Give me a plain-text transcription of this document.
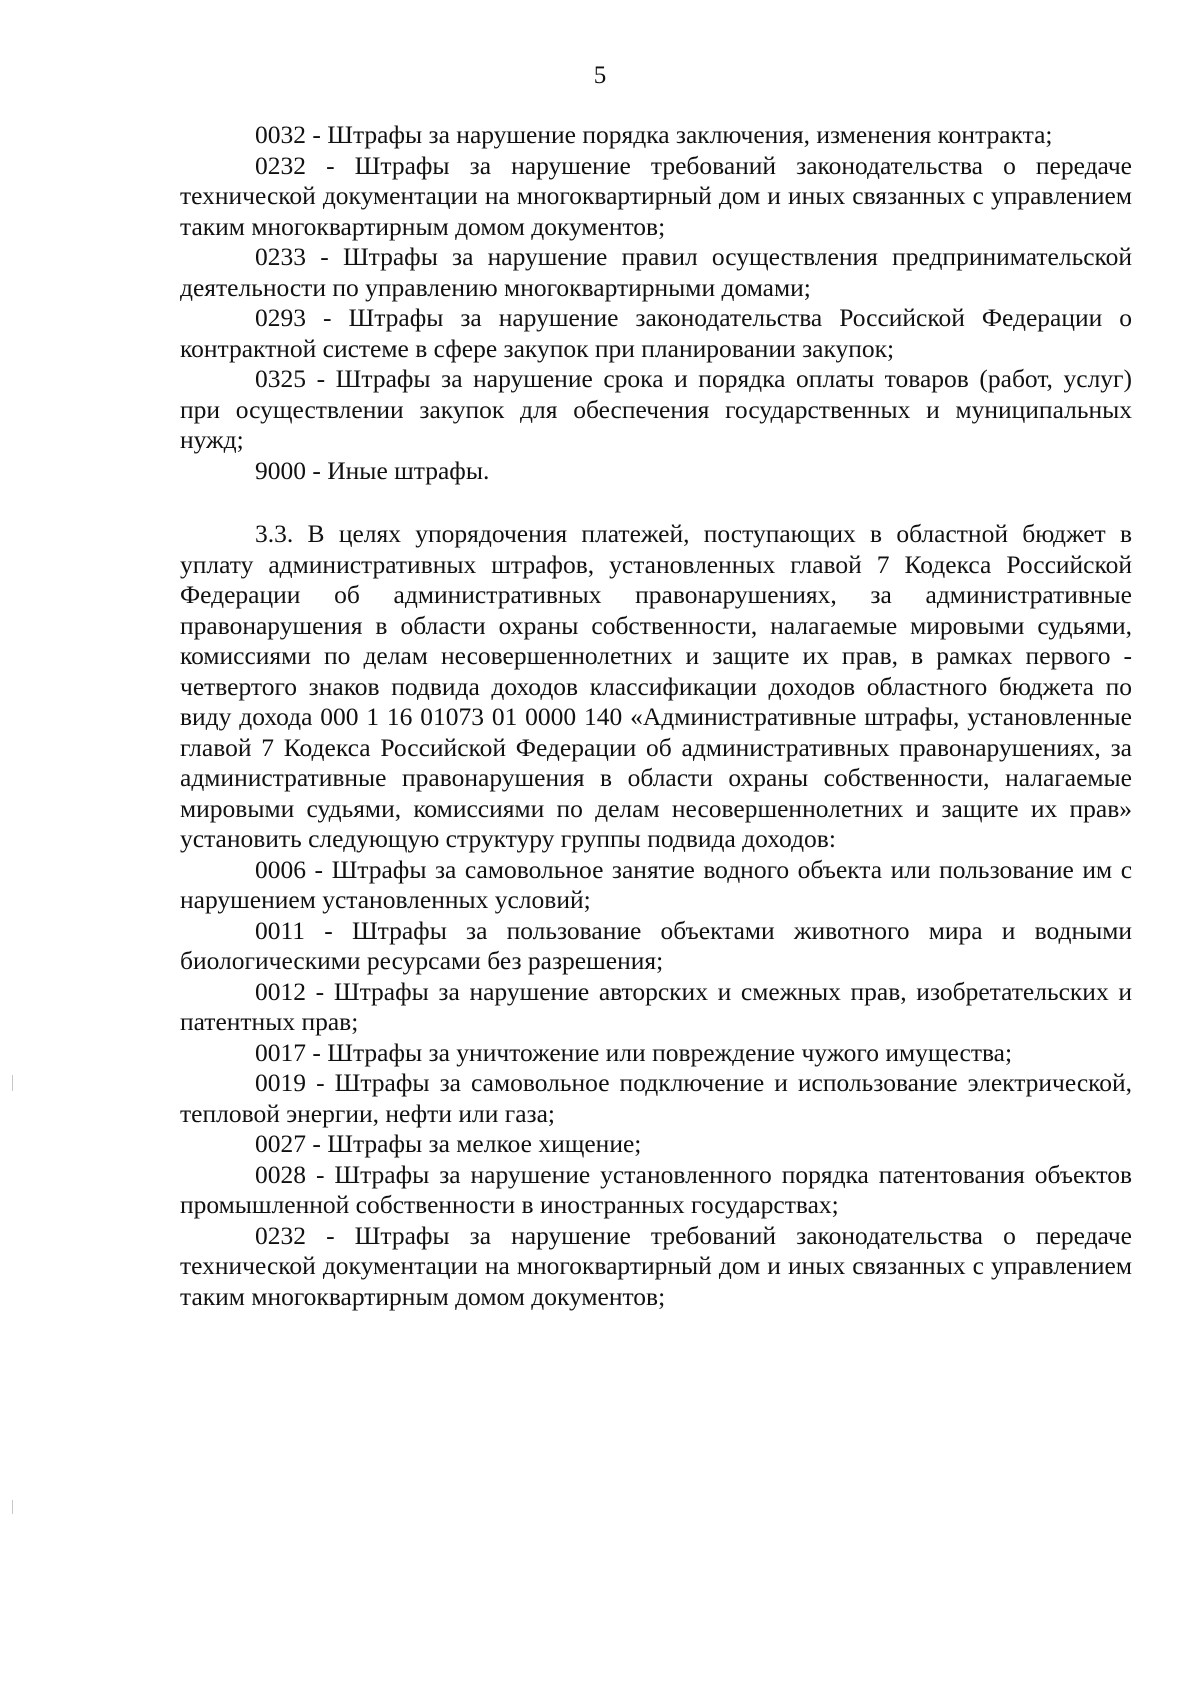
5

0032 - Штрафы за нарушение порядка заключения, изменения контракта;

0232 - Штрафы за нарушение требований законодательства о передаче технической документации на многоквартирный дом и иных связанных с управлением таким многоквартирным домом документов;

0233 - Штрафы за нарушение правил осуществления предпринимательской деятельности по управлению многоквартирными домами;

0293 - Штрафы за нарушение законодательства Российской Федерации о контрактной системе в сфере закупок при планировании закупок;

0325 - Штрафы за нарушение срока и порядка оплаты товаров (работ, услуг) при осуществлении закупок для обеспечения государственных и муниципальных нужд;

9000 - Иные штрафы.

3.3. В целях упорядочения платежей, поступающих в областной бюджет в уплату административных штрафов, установленных главой 7 Кодекса Российской Федерации об административных правонарушениях, за административные правонарушения в области охраны собственности, налагаемые мировыми судьями, комиссиями по делам несовершеннолетних и защите их прав, в рамках первого - четвертого знаков подвида доходов классификации доходов областного бюджета по виду дохода 000 1 16 01073 01 0000 140 «Административные штрафы, установленные главой 7 Кодекса Российской Федерации об административных правонарушениях, за административные правонарушения в области охраны собственности, налагаемые мировыми судьями, комиссиями по делам несовершеннолетних и защите их прав» установить следующую структуру группы подвида доходов:

0006 - Штрафы за самовольное занятие водного объекта или пользование им с нарушением установленных условий;

0011 - Штрафы за пользование объектами животного мира и водными биологическими ресурсами без разрешения;

0012 - Штрафы за нарушение авторских и смежных прав, изобретательских и патентных прав;

0017 - Штрафы за уничтожение или повреждение чужого имущества;

0019 - Штрафы за самовольное подключение и использование электрической, тепловой энергии, нефти или газа;

0027 - Штрафы за мелкое хищение;

0028 - Штрафы за нарушение установленного порядка патентования объектов промышленной собственности в иностранных государствах;

0232 - Штрафы за нарушение требований законодательства о передаче технической документации на многоквартирный дом и иных связанных с управлением таким многоквартирным домом документов;
